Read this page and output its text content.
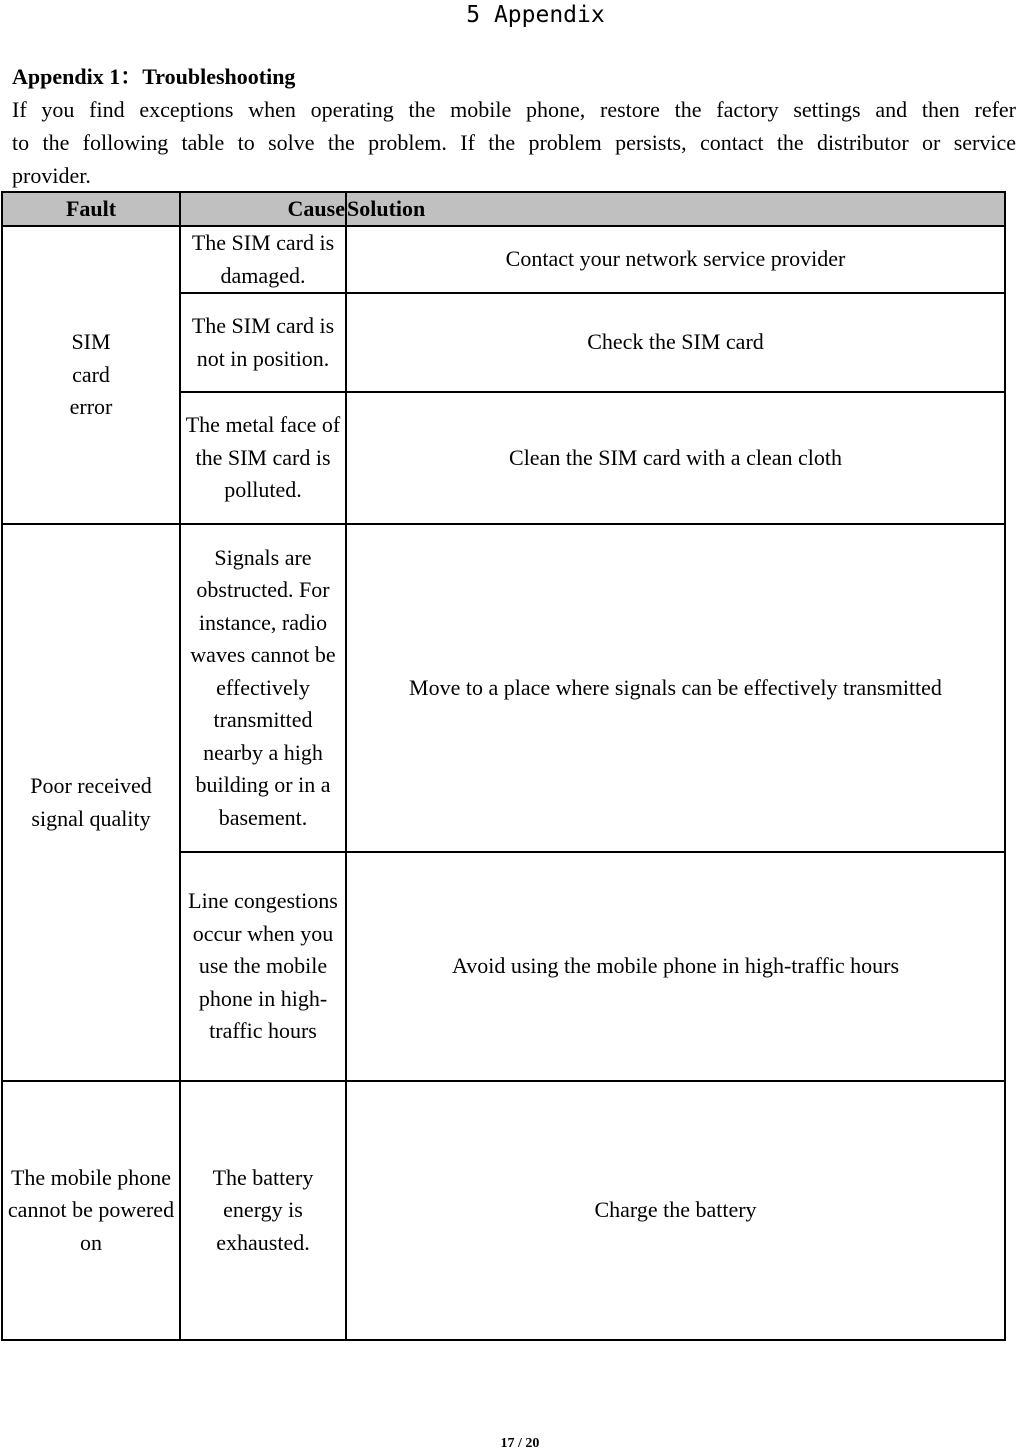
5 Appendix
Appendix 1：Troubleshooting
If you find exceptions when operating the mobile phone, restore the factory settings and then refer
to the following table to solve the problem. If the problem persists, contact the distributor or service
provider.
Fault	Cause	Solution
SIM card error	The SIM card is damaged.	Contact your network service provider
	The SIM card is not in position.	Check the SIM card
	The metal face of the SIM card is polluted.	Clean the SIM card with a clean cloth
Poor received signal quality	Signals are obstructed. For instance, radio waves cannot be effectively transmitted nearby a high building or in a basement.	Move to a place where signals can be effectively transmitted
	Line congestions occur when you use the mobile phone in high-traffic hours	Avoid using the mobile phone in high-traffic hours
The mobile phone cannot be powered on	The battery energy is exhausted.	Charge the battery
17 / 20
